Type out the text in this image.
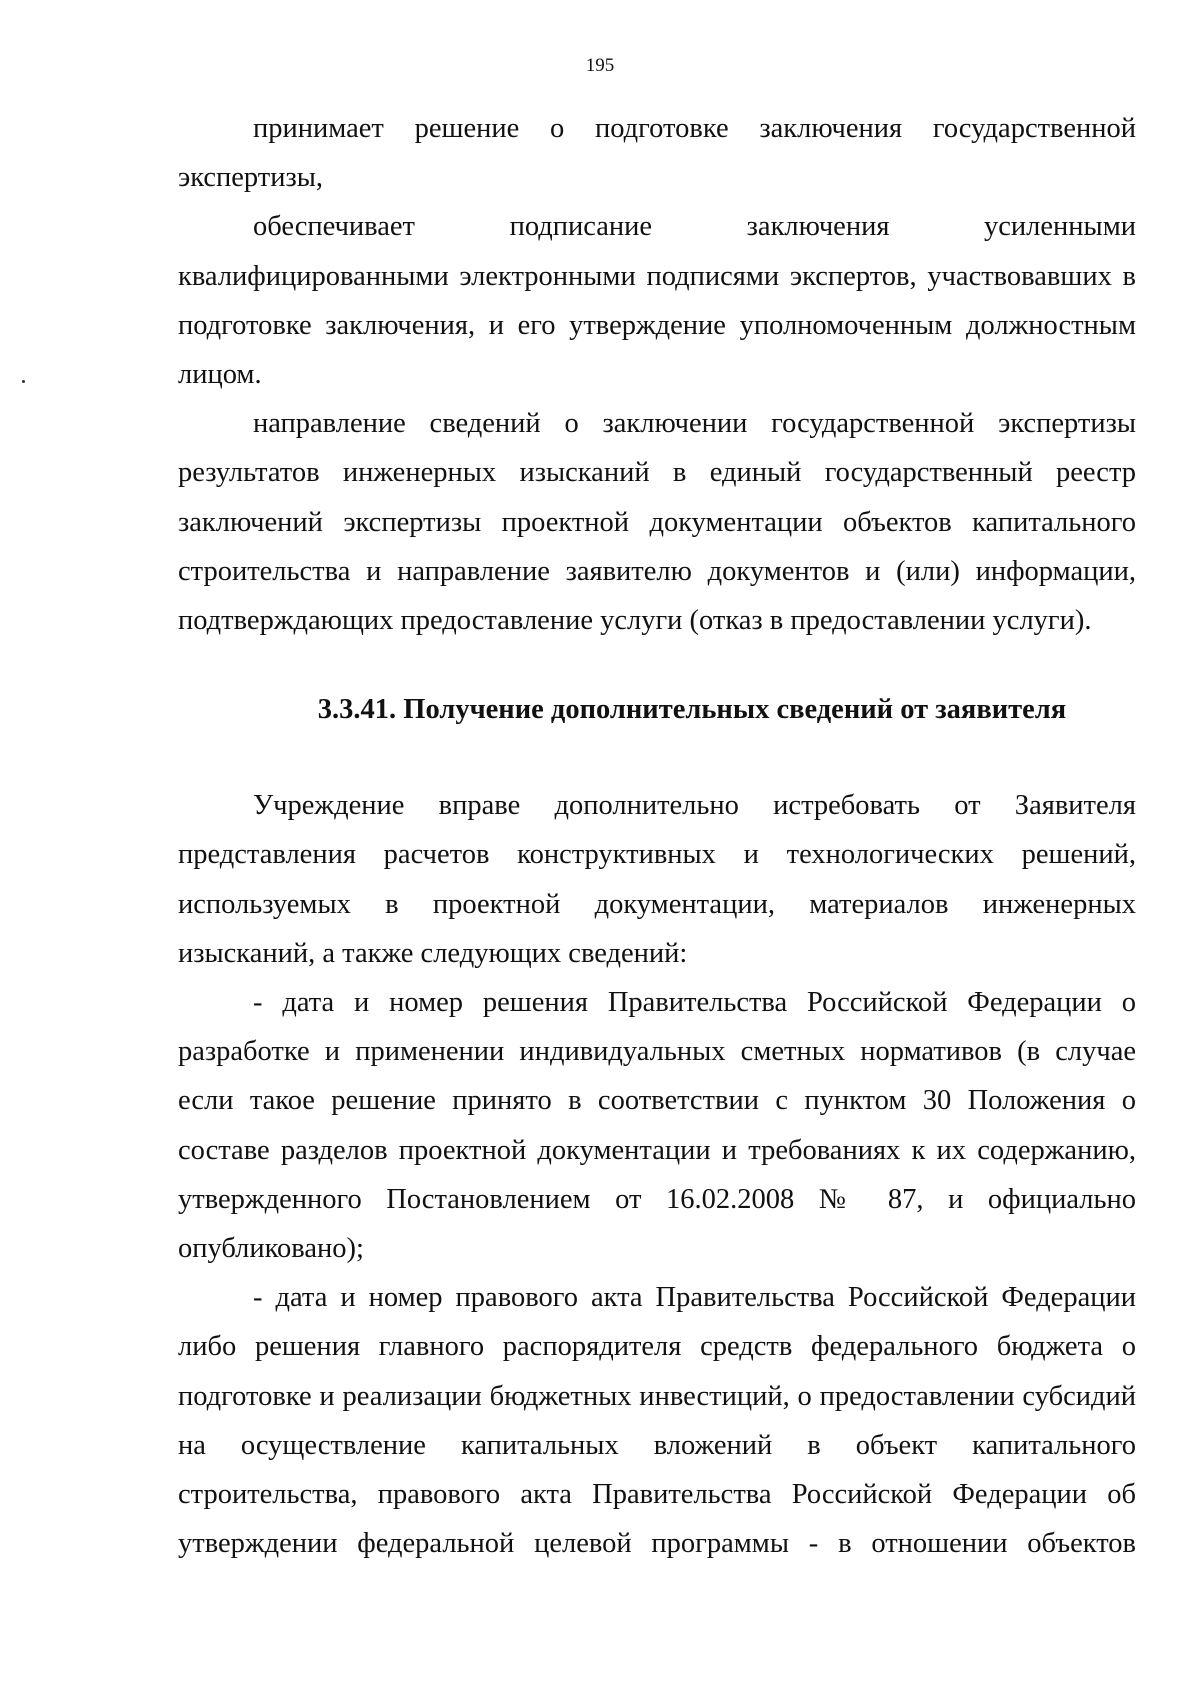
195

принимает решение о подготовке заключения государственной экспертизы,

обеспечивает подписание заключения усиленными квалифицированными электронными подписями экспертов, участвовавших в подготовке заключения, и его утверждение уполномоченным должностным лицом.

направление сведений о заключении государственной экспертизы результатов инженерных изысканий в единый государственный реестр заключений экспертизы проектной документации объектов капитального строительства и направление заявителю документов и (или) информации, подтверждающих предоставление услуги (отказ в предоставлении услуги).

3.3.41. Получение дополнительных сведений от заявителя

Учреждение вправе дополнительно истребовать от Заявителя представления расчетов конструктивных и технологических решений, используемых в проектной документации, материалов инженерных изысканий, а также следующих сведений:

- дата и номер решения Правительства Российской Федерации о разработке и применении индивидуальных сметных нормативов (в случае если такое решение принято в соответствии с пунктом 30 Положения о составе разделов проектной документации и требованиях к их содержанию, утвержденного Постановлением от 16.02.2008 № 87, и официально опубликовано);

- дата и номер правового акта Правительства Российской Федерации либо решения главного распорядителя средств федерального бюджета о подготовке и реализации бюджетных инвестиций, о предоставлении субсидий на осуществление капитальных вложений в объект капитального строительства, правового акта Правительства Российской Федерации об утверждении федеральной целевой программы - в отношении объектов
